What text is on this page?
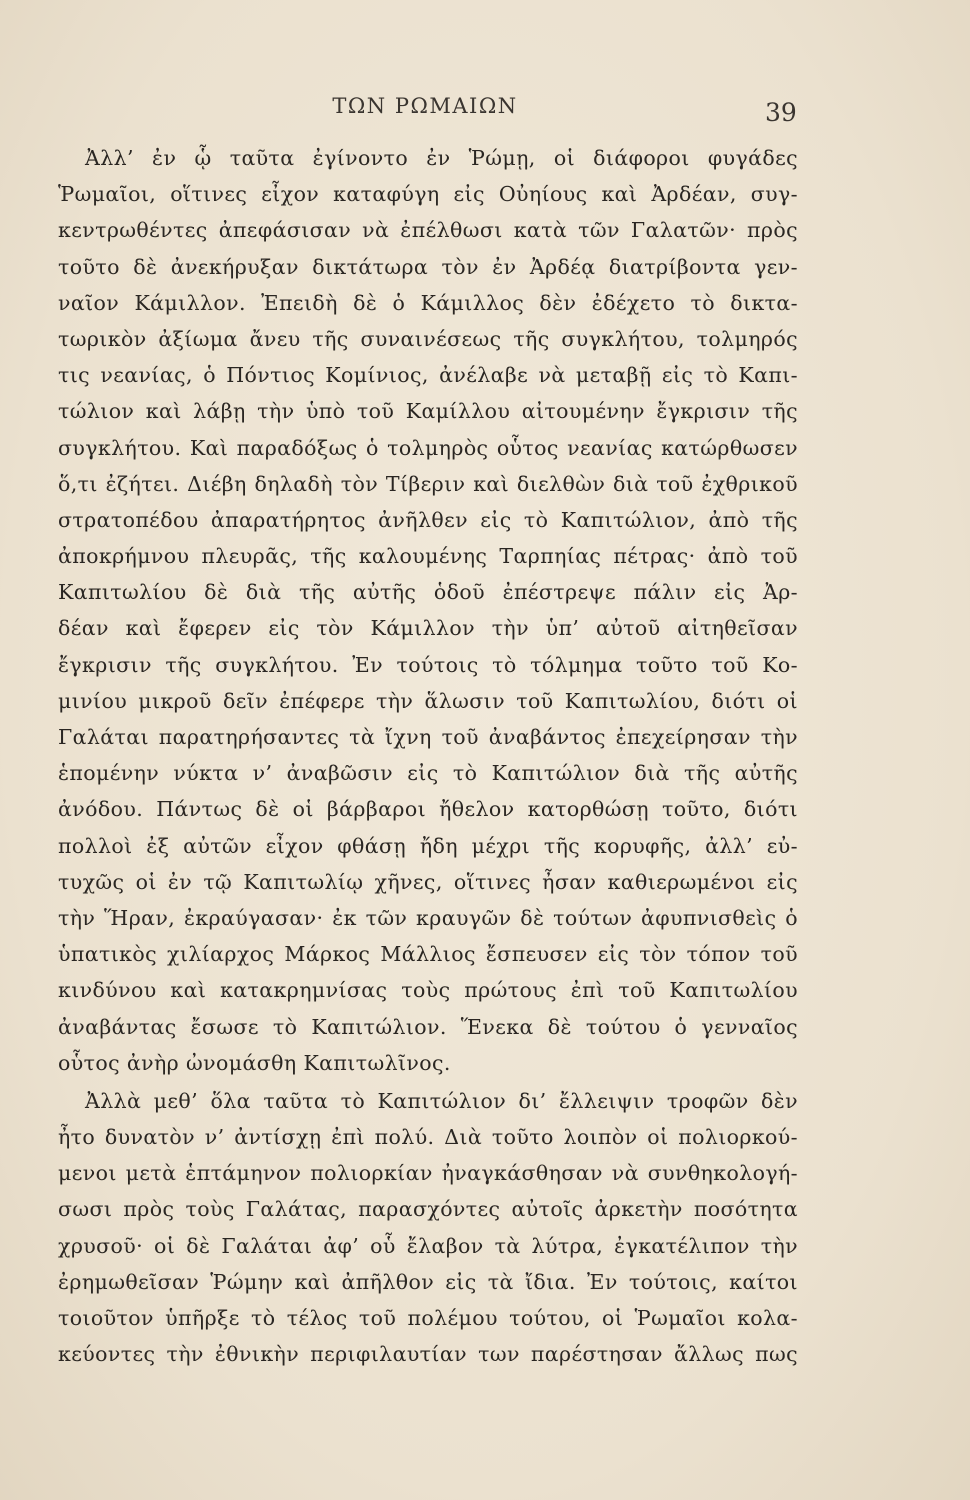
ΤΩΝ ΡΩΜΑΙΩΝ	39
Ἀλλ’ ἐν ᾧ ταῦτα ἐγίνοντο ἐν Ῥώμῃ, οἱ διάφοροι φυγάδες
Ῥωμαῖοι, οἵτινες εἶχον καταφύγη εἰς Οὐηίους καὶ Ἀρδέαν, συγ-
κεντρωθέντες ἀπεφάσισαν νὰ ἐπέλθωσι κατὰ τῶν Γαλατῶν· πρὸς
τοῦτο δὲ ἀνεκήρυξαν δικτάτωρα τὸν ἐν Ἀρδέᾳ διατρίβοντα γεν-
ναῖον Κάμιλλον. Ἐπειδὴ δὲ ὁ Κάμιλλος δὲν ἐδέχετο τὸ δικτα-
τωρικὸν ἀξίωμα ἄνευ τῆς συναινέσεως τῆς συγκλήτου, τολμηρός
τις νεανίας, ὁ Πόντιος Κομίνιος, ἀνέλαβε νὰ μεταβῇ εἰς τὸ Καπι-
τώλιον καὶ λάβῃ τὴν ὑπὸ τοῦ Καμίλλου αἰτουμένην ἔγκρισιν τῆς
συγκλήτου. Καὶ παραδόξως ὁ τολμηρὸς οὗτος νεανίας κατώρθωσεν
ὅ,τι ἐζήτει. Διέβη δηλαδὴ τὸν Τίβεριν καὶ διελθὼν διὰ τοῦ ἐχθρικοῦ
στρατοπέδου ἀπαρατήρητος ἀνῆλθεν εἰς τὸ Καπιτώλιον, ἀπὸ τῆς
ἀποκρήμνου πλευρᾶς, τῆς καλουμένης Ταρπηίας πέτρας· ἀπὸ τοῦ
Καπιτωλίου δὲ διὰ τῆς αὐτῆς ὁδοῦ ἐπέστρεψε πάλιν εἰς Ἀρ-
δέαν καὶ ἔφερεν εἰς τὸν Κάμιλλον τὴν ὑπ’ αὐτοῦ αἰτηθεῖσαν
ἔγκρισιν τῆς συγκλήτου. Ἐν τούτοις τὸ τόλμημα τοῦτο τοῦ Κο-
μινίου μικροῦ δεῖν ἐπέφερε τὴν ἅλωσιν τοῦ Καπιτωλίου, διότι οἱ
Γαλάται παρατηρήσαντες τὰ ἴχνη τοῦ ἀναβάντος ἐπεχείρησαν τὴν
ἑπομένην νύκτα ν’ ἀναβῶσιν εἰς τὸ Καπιτώλιον διὰ τῆς αὐτῆς
ἀνόδου. Πάντως δὲ οἱ βάρβαροι ἤθελον κατορθώσῃ τοῦτο, διότι
πολλοὶ ἐξ αὐτῶν εἶχον φθάσῃ ἤδη μέχρι τῆς κορυφῆς, ἀλλ’ εὐ-
τυχῶς οἱ ἐν τῷ Καπιτωλίῳ χῆνες, οἵτινες ἦσαν καθιερωμένοι εἰς
τὴν Ἥραν, ἐκραύγασαν· ἐκ τῶν κραυγῶν δὲ τούτων ἀφυπνισθεὶς ὁ
ὑπατικὸς χιλίαρχος Μάρκος Μάλλιος ἔσπευσεν εἰς τὸν τόπον τοῦ
κινδύνου καὶ κατακρημνίσας τοὺς πρώτους ἐπὶ τοῦ Καπιτωλίου
ἀναβάντας ἔσωσε τὸ Καπιτώλιον. Ἕνεκα δὲ τούτου ὁ γενναῖος
οὗτος ἀνὴρ ὠνομάσθη Καπιτωλῖνος.
Ἀλλὰ μεθ’ ὅλα ταῦτα τὸ Καπιτώλιον δι’ ἔλλειψιν τροφῶν δὲν
ἦτο δυνατὸν ν’ ἀντίσχῃ ἐπὶ πολύ. Διὰ τοῦτο λοιπὸν οἱ πολιορκού-
μενοι μετὰ ἑπτάμηνον πολιορκίαν ἠναγκάσθησαν νὰ συνθηκολογή-
σωσι πρὸς τοὺς Γαλάτας, παρασχόντες αὐτοῖς ἀρκετὴν ποσότητα
χρυσοῦ· οἱ δὲ Γαλάται ἀφ’ οὗ ἔλαβον τὰ λύτρα, ἐγκατέλιπον τὴν
ἐρημωθεῖσαν Ῥώμην καὶ ἀπῆλθον εἰς τὰ ἴδια. Ἐν τούτοις, καίτοι
τοιοῦτον ὑπῆρξε τὸ τέλος τοῦ πολέμου τούτου, οἱ Ῥωμαῖοι κολα-
κεύοντες τὴν ἐθνικὴν περιφιλαυτίαν των παρέστησαν ἄλλως πως
